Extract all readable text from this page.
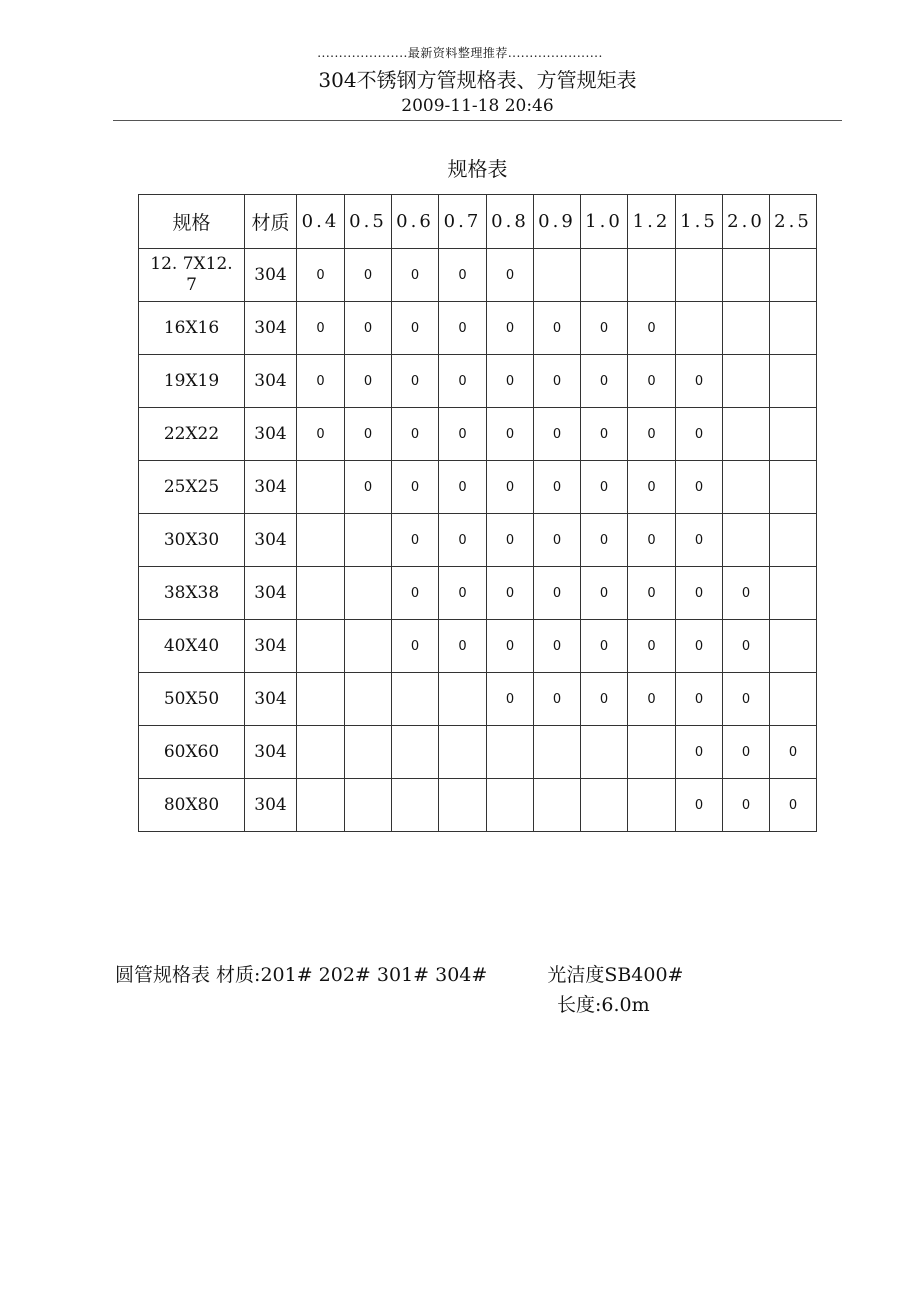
.....................最新资料整理推荐......................
304不锈钢方管规格表、方管规矩表
2009-11-18 20:46
规格表
规格	材质	0.4	0.5	0.6	0.7	0.8	0.9	1.0	1.2	1.5	2.0	2.5
12. 7X12.
7	304	0	0	0	0	0						
16X16	304	0	0	0	0	0	0	0	0			
19X19	304	0	0	0	0	0	0	0	0	0		
22X22	304	0	0	0	0	0	0	0	0	0		
25X25	304		0	0	0	0	0	0	0	0		
30X30	304			0	0	0	0	0	0	0		
38X38	304			0	0	0	0	0	0	0	0	
40X40	304			0	0	0	0	0	0	0	0	
50X50	304					0	0	0	0	0	0	
60X60	304									0	0	0
80X80	304									0	0	0
圆管规格表 材质:201# 202# 301# 304#	光洁度SB400#
长度:6.0m
